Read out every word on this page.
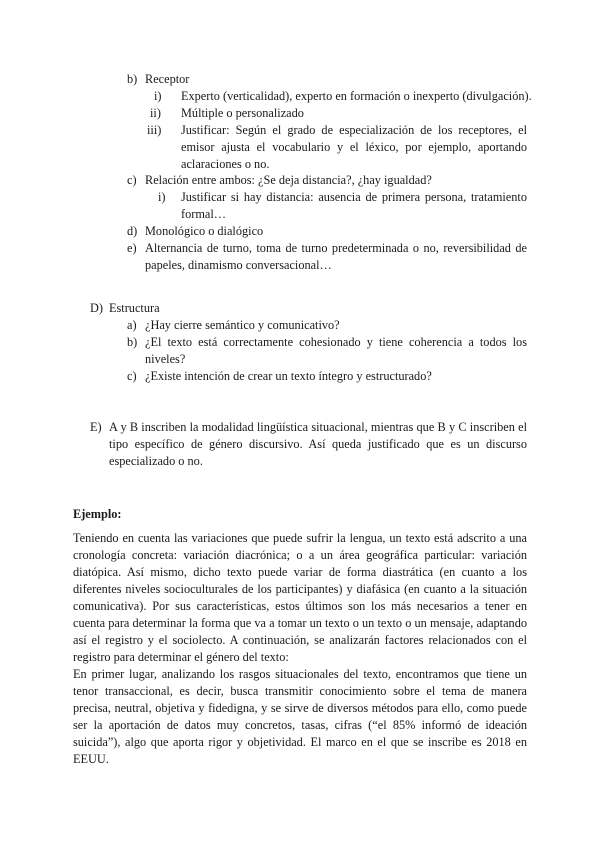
b) Receptor
i) Experto (verticalidad), experto en formación o inexperto (divulgación).
ii) Múltiple o personalizado
iii) Justificar: Según el grado de especialización de los receptores, el emisor ajusta el vocabulario y el léxico, por ejemplo, aportando aclaraciones o no.
c) Relación entre ambos: ¿Se deja distancia?, ¿hay igualdad?
i) Justificar si hay distancia: ausencia de primera persona, tratamiento formal…
d) Monológico o dialógico
e) Alternancia de turno, toma de turno predeterminada o no, reversibilidad de papeles, dinamismo conversacional…
D) Estructura
a) ¿Hay cierre semántico y comunicativo?
b) ¿El texto está correctamente cohesionado y tiene coherencia a todos los niveles?
c) ¿Existe intención de crear un texto íntegro y estructurado?
E) A y B inscriben la modalidad lingüística situacional, mientras que B y C inscriben el tipo específico de género discursivo. Así queda justificado que es un discurso especializado o no.
Ejemplo:
Teniendo en cuenta las variaciones que puede sufrir la lengua, un texto está adscrito a una cronología concreta: variación diacrónica; o a un área geográfica particular: variación diatópica. Así mismo, dicho texto puede variar de forma diastrática (en cuanto a los diferentes niveles socioculturales de los participantes) y diafásica (en cuanto a la situación comunicativa). Por sus características, estos últimos son los más necesarios a tener en cuenta para determinar la forma que va a tomar un texto o un texto o un mensaje, adaptando así el registro y el sociolecto. A continuación, se analizarán factores relacionados con el registro para determinar el género del texto:
En primer lugar, analizando los rasgos situacionales del texto, encontramos que tiene un tenor transaccional, es decir, busca transmitir conocimiento sobre el tema de manera precisa, neutral, objetiva y fidedigna, y se sirve de diversos métodos para ello, como puede ser la aportación de datos muy concretos, tasas, cifras (“el 85% informó de ideación suicida”), algo que aporta rigor y objetividad. El marco en el que se inscribe es 2018 en EEUU.
